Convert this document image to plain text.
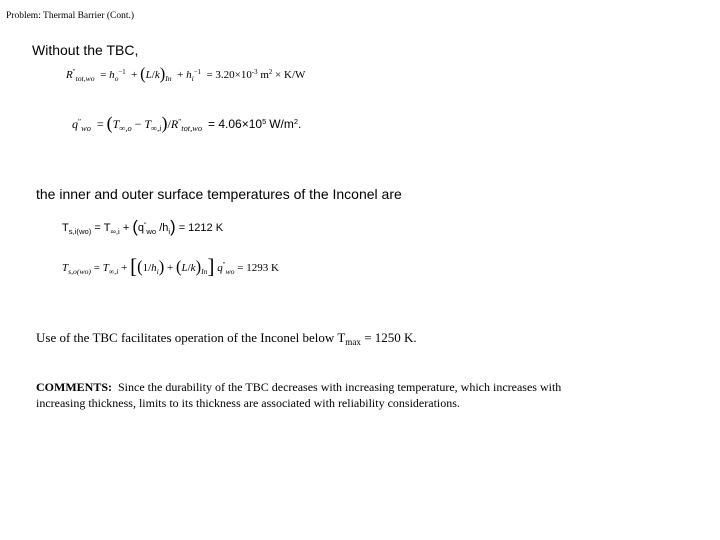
Problem: Thermal Barrier (Cont.)
Without the TBC,
$R''_{tot,wo} = h_o^{-1} + (L/k)_{In} + h_i^{-1} = 3.20\times 10^{-3}$ $m^2 \times K/W$
$q''_{wo} = (T_{\infty,o} - T_{\infty,i})/R''_{tot,wo} = 4.06\times 10^5$ $W/m^2$.
the inner and outer surface temperatures of the Inconel are
$T_{s,i(wo)} = T_{\infty,i} + (q''_{wo}$ $/h_i) = 1212$ K
$T_{s,o(wo)} = T_{\infty,i} + [(1/h_i) + (L/k)_{In}] q''_{wo} = 1293$ K
Use of the TBC facilitates operation of the Inconel below $T_{max} = 1250$ K.
COMMENTS: Since the durability of the TBC decreases with increasing temperature, which increases with increasing thickness, limits to its thickness are associated with reliability considerations.
